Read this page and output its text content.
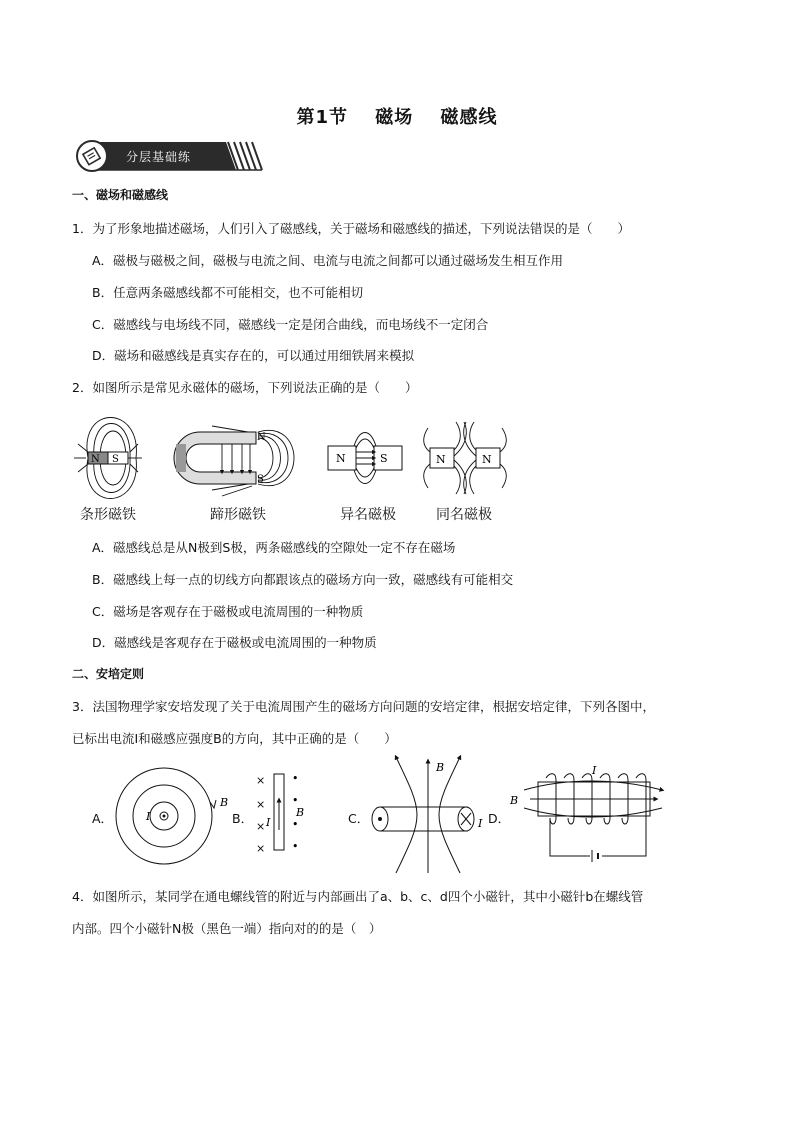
第1节 磁场 磁感线
分层基础练
一、磁场和磁感线
1．为了形象地描述磁场，人们引入了磁感线，关于磁场和磁感线的描述，下列说法错误的是（　　）
A．磁极与磁极之间，磁极与电流之间、电流与电流之间都可以通过磁场发生相互作用
B．任意两条磁感线都不可能相交，也不可能相切
C．磁感线与电场线不同，磁感线一定是闭合曲线，而电场线不一定闭合
D．磁场和磁感线是真实存在的，可以通过用细铁屑来模拟
2．如图所示是常见永磁体的磁场，下列说法正确的是（　　）
N S
N
S
N	S	N	N
条形磁铁	蹄形磁铁	异名磁极	同名磁极
A．磁感线总是从N极到S极，两条磁感线的空隙处一定不存在磁场
B．磁感线上每一点的切线方向都跟该点的磁场方向一致，磁感线有可能相交
C．磁场是客观存在于磁极或电流周围的一种物质
D．磁感线是客观存在于磁极或电流周围的一种物质
二、安培定则
3．法国物理学家安培发现了关于电流周围产生的磁场方向问题的安培定律，根据安培定律，下列各图中，
已标出电流I和磁感应强度B的方向，其中正确的是（　　）
A．	I
B
B．
×
×
×
×
•
•
•
•
I
B	C．
B
I D．
I
B
4．如图所示，某同学在通电螺线管的附近与内部画出了a、b、c、d四个小磁针，其中小磁针b在螺线管
内部。四个小磁针N极（黑色一端）指向对的的是（　）
